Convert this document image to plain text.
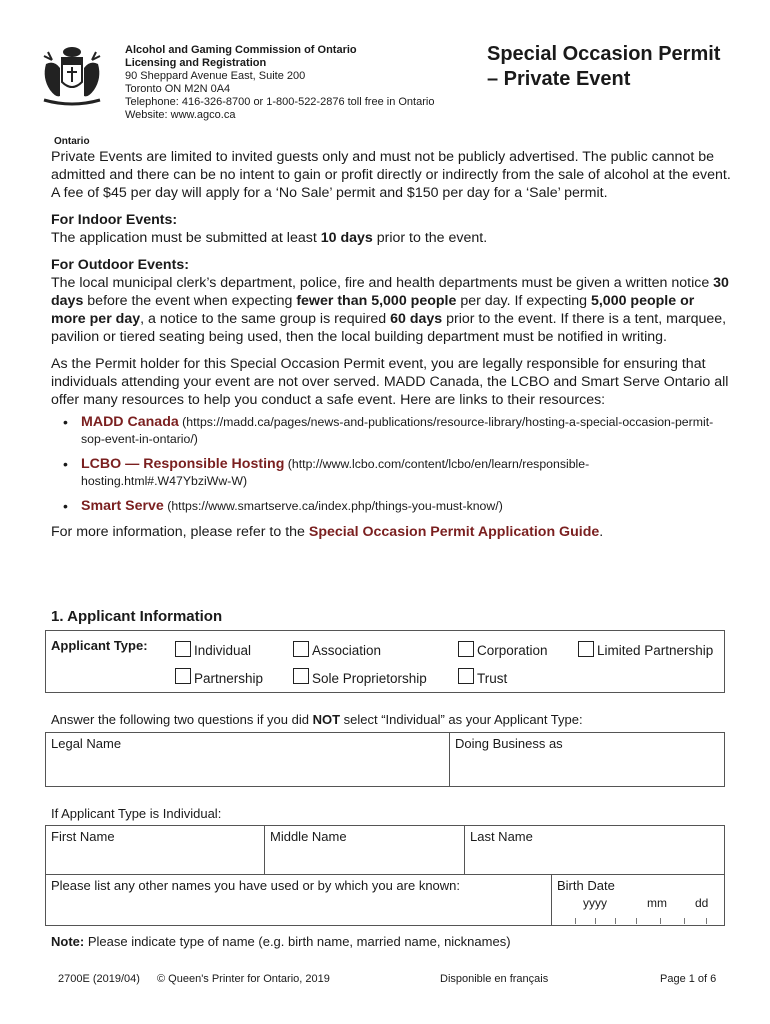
Ontario
Alcohol and Gaming Commission of Ontario
Licensing and Registration
90 Sheppard Avenue East, Suite 200
Toronto ON M2N 0A4
Telephone: 416-326-8700 or 1-800-522-2876 toll free in Ontario
Website: www.agco.ca
Special Occasion Permit
– Private Event

Private Events are limited to invited guests only and must not be publicly advertised. The public cannot be admitted and there can be no intent to gain or profit directly or indirectly from the sale of alcohol at the event. A fee of $45 per day will apply for a ‘No Sale’ permit and $150 per day for a ‘Sale’ permit.

For Indoor Events:
The application must be submitted at least 10 days prior to the event.
For Outdoor Events:
The local municipal clerk’s department, police, fire and health departments must be given a written notice 30 days before the event when expecting fewer than 5,000 people per day. If expecting 5,000 people or more per day, a notice to the same group is required 60 days prior to the event. If there is a tent, marquee, pavilion or tiered seating being used, then the local building department must be notified in writing.

As the Permit holder for this Special Occasion Permit event, you are legally responsible for ensuring that individuals attending your event are not over served. MADD Canada, the LCBO and Smart Serve Ontario all offer many resources to help you conduct a safe event. Here are links to their resources:

• MADD Canada (https://madd.ca/pages/news-and-publications/resource-library/hosting-a-special-occasion-permit-sop-event-in-ontario/)
• LCBO — Responsible Hosting (http://www.lcbo.com/content/lcbo/en/learn/responsible-hosting.html#.W47YbziWw-W)
• Smart Serve (https://www.smartserve.ca/index.php/things-you-must-know/)

For more information, please refer to the Special Occasion Permit Application Guide.

1. Applicant Information
Applicant Type:	Individual	Association	Corporation	Limited Partnership
Partnership	Sole Proprietorship	Trust
Answer the following two questions if you did NOT select “Individual” as your Applicant Type:
Legal Name	Doing Business as
If Applicant Type is Individual:
First Name	Middle Name	Last Name
Please list any other names you have used or by which you are known:	Birth Date
yyyy	mm dd
Note: Please indicate type of name (e.g. birth name, married name, nicknames)
2700E (2019/04) © Queen's Printer for Ontario, 2019	Disponible en français	Page 1 of 6
